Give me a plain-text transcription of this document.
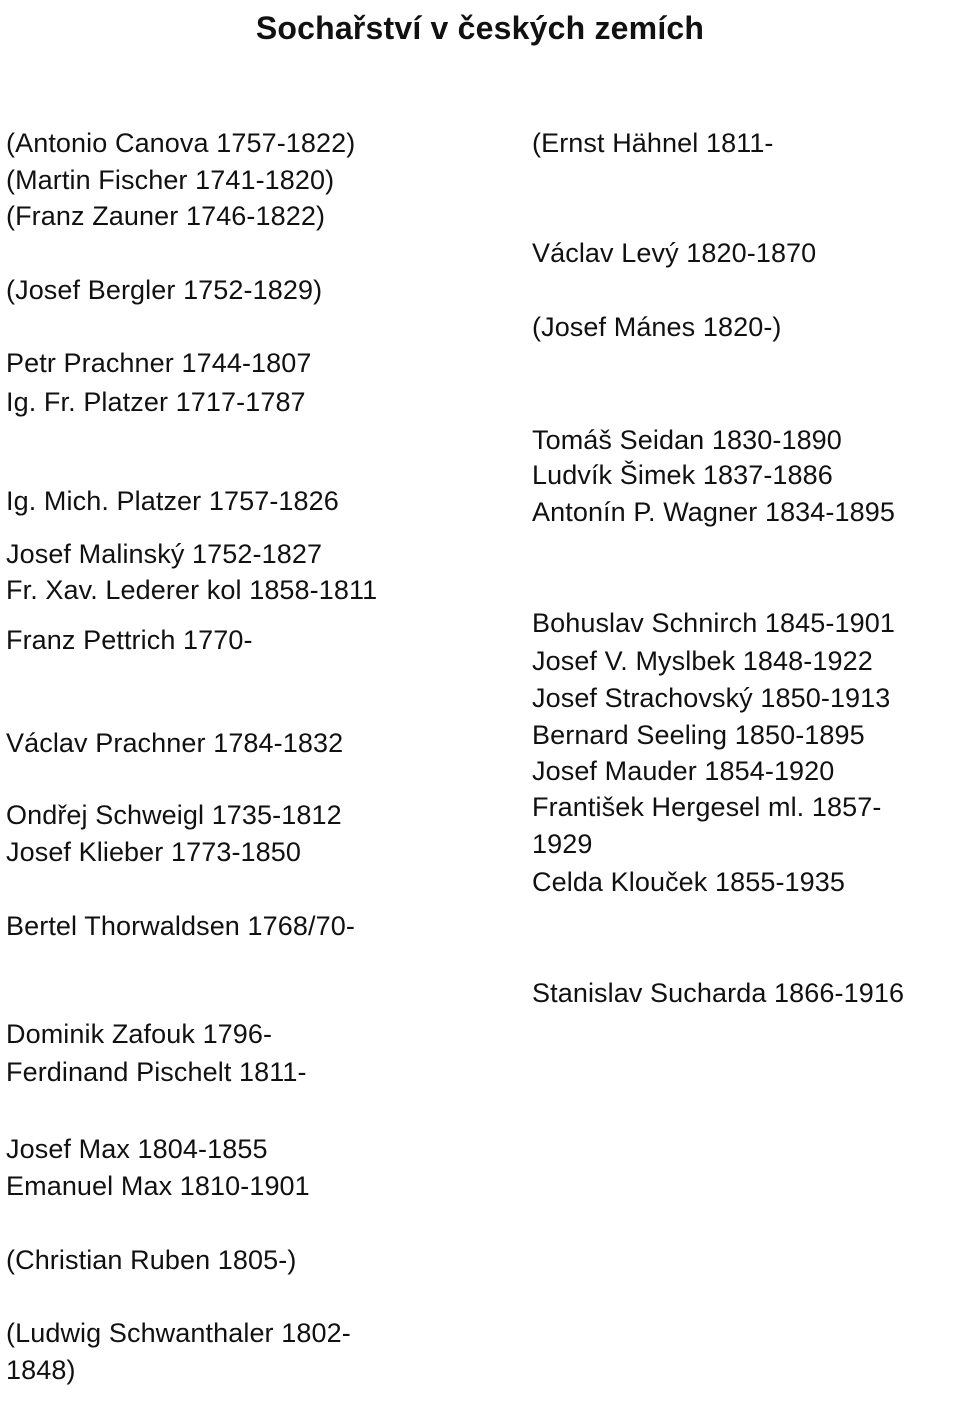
Sochařství v českých zemích
(Antonio Canova 1757-1822)
(Martin Fischer 1741-1820)
(Franz Zauner 1746-1822)
(Josef Bergler 1752-1829)
Petr Prachner 1744-1807
Ig. Fr. Platzer 1717-1787
Ig. Mich. Platzer 1757-1826
Josef Malinský 1752-1827
Fr. Xav. Lederer kol 1858-1811
Franz Pettrich 1770-
Václav Prachner 1784-1832
Ondřej Schweigl 1735-1812
Josef Klieber 1773-1850
Bertel Thorwaldsen 1768/70-
Dominik Zafouk 1796-
Ferdinand Pischelt 1811-
Josef Max 1804-1855
Emanuel Max 1810-1901
(Christian Ruben 1805-)
(Ludwig Schwanthaler 1802-
1848)
(Ernst Hähnel 1811-
Václav Levý 1820-1870
(Josef Mánes 1820-)
Tomáš Seidan 1830-1890
Ludvík Šimek 1837-1886
Antonín P. Wagner 1834-1895
Bohuslav Schnirch 1845-1901
Josef V. Myslbek 1848-1922
Josef Strachovský 1850-1913
Bernard Seeling 1850-1895
Josef Mauder 1854-1920
František Hergesel ml. 1857-
1929
Celda Klouček 1855-1935
Stanislav Sucharda 1866-1916
